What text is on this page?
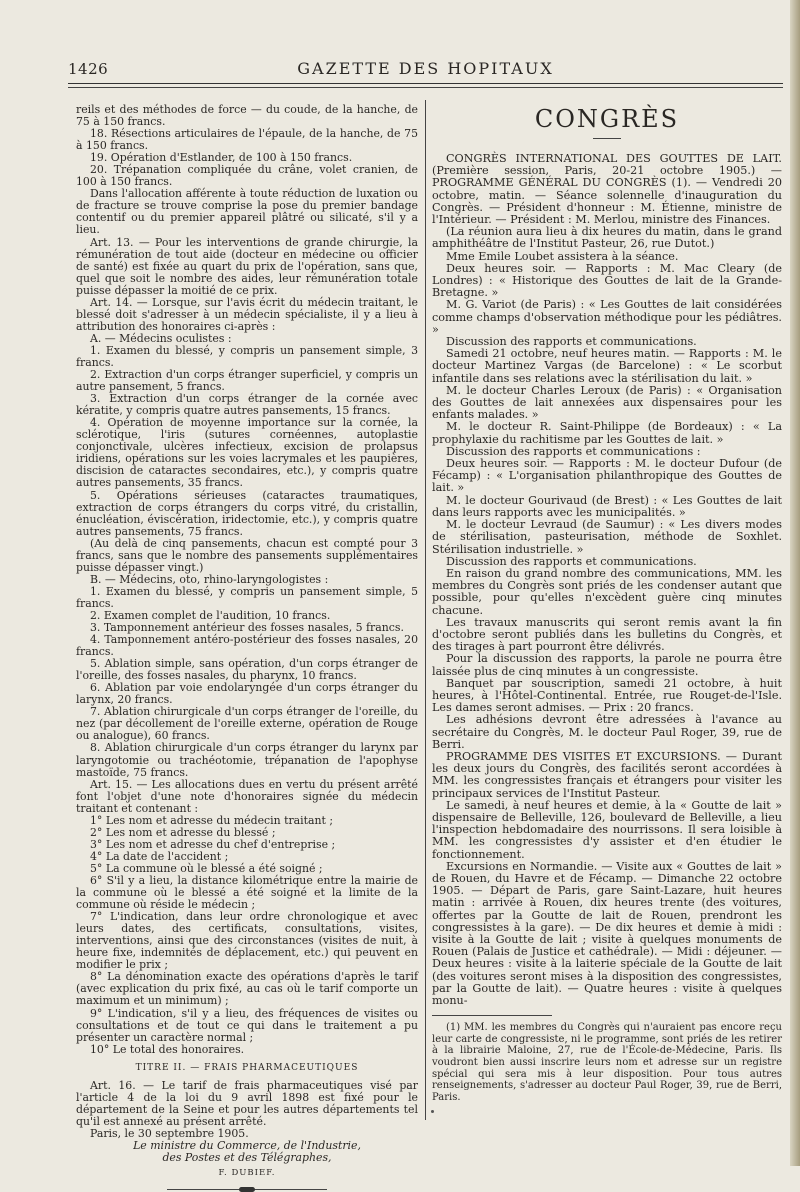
1426	GAZETTE DES HOPITAUX

reils et des méthodes de force — du coude, de la hanche, de 75 à 150 francs.

18. Résections articulaires de l'épaule, de la hanche, de 75 à 150 francs.

19. Opération d'Estlander, de 100 à 150 francs.

20. Trépanation compliquée du crâne, volet cranien, de 100 à 150 francs.

Dans l'allocation afférente à toute réduction de luxation ou de fracture se trouve comprise la pose du premier bandage contentif ou du premier appareil plâtré ou silicaté, s'il y a lieu.

Art. 13. — Pour les interventions de grande chirurgie, la rémunération de tout aide (docteur en médecine ou officier de santé) est fixée au quart du prix de l'opération, sans que, quel que soit le nombre des aides, leur rémunération totale puisse dépasser la moitié de ce prix.

Art. 14. — Lorsque, sur l'avis écrit du médecin traitant, le blessé doit s'adresser à un médecin spécialiste, il y a lieu à attribution des honoraires ci-après :

A. — Médecins oculistes :

1. Examen du blessé, y compris un pansement simple, 3 francs.

2. Extraction d'un corps étranger superficiel, y compris un autre pansement, 5 francs.

3. Extraction d'un corps étranger de la cornée avec kératite, y compris quatre autres pansements, 15 francs.

4. Opération de moyenne importance sur la cornée, la sclérotique, l'iris (sutures cornéennes, autoplastie conjonctivale, ulcères infectieux, excision de prolapsus iridiens, opérations sur les voies lacrymales et les paupières, discision de cataractes secondaires, etc.), y compris quatre autres pansements, 35 francs.

5. Opérations sérieuses (cataractes traumatiques, extraction de corps étrangers du corps vitré, du cristallin, énucléation, éviscération, iridectomie, etc.), y compris quatre autres pansements, 75 francs.

(Au delà de cinq pansements, chacun est compté pour 3 francs, sans que le nombre des pansements supplémentaires puisse dépasser vingt.)

B. — Médecins, oto, rhino-laryngologistes :

1. Examen du blessé, y compris un pansement simple, 5 francs.

2. Examen complet de l'audition, 10 francs.

3. Tamponnement antérieur des fosses nasales, 5 francs.

4. Tamponnement antéro-postérieur des fosses nasales, 20 francs.

5. Ablation simple, sans opération, d'un corps étranger de l'oreille, des fosses nasales, du pharynx, 10 francs.

6. Ablation par voie endolaryngée d'un corps étranger du larynx, 20 francs.

7. Ablation chirurgicale d'un corps étranger de l'oreille, du nez (par décollement de l'oreille externe, opération de Rouge ou analogue), 60 francs.

8. Ablation chirurgicale d'un corps étranger du larynx par laryngotomie ou trachéotomie, trépanation de l'apophyse mastoïde, 75 francs.

Art. 15. — Les allocations dues en vertu du présent arrêté font l'objet d'une note d'honoraires signée du médecin traitant et contenant :

1° Les nom et adresse du médecin traitant ;

2° Les nom et adresse du blessé ;

3° Les nom et adresse du chef d'entreprise ;

4° La date de l'accident ;

5° La commune où le blessé a été soigné ;

6° S'il y a lieu, la distance kilométrique entre la mairie de la commune où le blessé a été soigné et la limite de la commune où réside le médecin ;

7° L'indication, dans leur ordre chronologique et avec leurs dates, des certificats, consultations, visites, interventions, ainsi que des circonstances (visites de nuit, à heure fixe, indemnités de déplacement, etc.) qui peuvent en modifier le prix ;

8° La dénomination exacte des opérations d'après le tarif (avec explication du prix fixé, au cas où le tarif comporte un maximum et un minimum) ;

9° L'indication, s'il y a lieu, des fréquences de visites ou consultations et de tout ce qui dans le traitement a pu présenter un caractère normal ;

10° Le total des honoraires.

TITRE II. — FRAIS PHARMACEUTIQUES

Art. 16. — Le tarif de frais pharmaceutiques visé par l'article 4 de la loi du 9 avril 1898 est fixé pour le département de la Seine et pour les autres départements tel qu'il est annexé au présent arrêté.

Paris, le 30 septembre 1905.

Le ministre du Commerce, de l'Industrie,

des Postes et des Télégraphes,

F. DUBIEF.

CONGRÈS

CONGRÈS INTERNATIONAL DES GOUTTES DE LAIT. (Première session, Paris, 20-21 octobre 1905.) — PROGRAMME GÉNÉRAL DU CONGRÈS (1). — Vendredi 20 octobre, matin. — Séance solennelle d'inauguration du Congrès. — Président d'honneur : M. Étienne, ministre de l'Intérieur. — Président : M. Merlou, ministre des Finances.

(La réunion aura lieu à dix heures du matin, dans le grand amphithéâtre de l'Institut Pasteur, 26, rue Dutot.)

Mme Emile Loubet assistera à la séance.

Deux heures soir. — Rapports : M. Mac Cleary (de Londres) : « Historique des Gouttes de lait de la Grande-Bretagne. »

M. G. Variot (de Paris) : « Les Gouttes de lait considérées comme champs d'observation méthodique pour les pédiâtres. »

Discussion des rapports et communications.

Samedi 21 octobre, neuf heures matin. — Rapports : M. le docteur Martinez Vargas (de Barcelone) : « Le scorbut infantile dans ses relations avec la stérilisation du lait. »

M. le docteur Charles Leroux (de Paris) : « Organisation des Gouttes de lait annexées aux dispensaires pour les enfants malades. »

M. le docteur R. Saint-Philippe (de Bordeaux) : « La prophylaxie du rachitisme par les Gouttes de lait. »

Discussion des rapports et communications :

Deux heures soir. — Rapports : M. le docteur Dufour (de Fécamp) : « L'organisation philanthropique des Gouttes de lait. »

M. le docteur Gourivaud (de Brest) : « Les Gouttes de lait dans leurs rapports avec les municipalités. »

M. le docteur Levraud (de Saumur) : « Les divers modes de stérilisation, pasteurisation, méthode de Soxhlet. Stérilisation industrielle. »

Discussion des rapports et communications.

En raison du grand nombre des communications, MM. les membres du Congrès sont priés de les condenser autant que possible, pour qu'elles n'excèdent guère cinq minutes chacune.

Les travaux manuscrits qui seront remis avant la fin d'octobre seront publiés dans les bulletins du Congrès, et des tirages à part pourront être délivrés.

Pour la discussion des rapports, la parole ne pourra être laissée plus de cinq minutes à un congressiste.

Banquet par souscription, samedi 21 octobre, à huit heures, à l'Hôtel-Continental. Entrée, rue Rouget-de-l'Isle. Les dames seront admises. — Prix : 20 francs.

Les adhésions devront être adressées à l'avance au secrétaire du Congrès, M. le docteur Paul Roger, 39, rue de Berri.

PROGRAMME DES VISITES ET EXCURSIONS. — Durant les deux jours du Congrès, des facilités seront accordées à MM. les congressistes français et étrangers pour visiter les principaux services de l'Institut Pasteur.

Le samedi, à neuf heures et demie, à la « Goutte de lait » dispensaire de Belleville, 126, boulevard de Belleville, a lieu l'inspection hebdomadaire des nourrissons. Il sera loisible à MM. les congressistes d'y assister et d'en étudier le fonctionnement.

Excursions en Normandie. — Visite aux « Gouttes de lait » de Rouen, du Havre et de Fécamp. — Dimanche 22 octobre 1905. — Départ de Paris, gare Saint-Lazare, huit heures matin : arrivée à Rouen, dix heures trente (des voitures, offertes par la Goutte de lait de Rouen, prendront les congressistes à la gare). — De dix heures et demie à midi : visite à la Goutte de lait ; visite à quelques monuments de Rouen (Palais de Justice et cathédrale). — Midi : déjeuner. — Deux heures : visite à la laiterie spéciale de la Goutte de lait (des voitures seront mises à la disposition des congressistes, par la Goutte de lait). — Quatre heures : visite à quelques monu-

(1) MM. les membres du Congrès qui n'auraient pas encore reçu leur carte de congressiste, ni le programme, sont priés de les retirer à la librairie Maloine, 27, rue de l'École-de-Médecine, Paris. Ils voudront bien aussi inscrire leurs nom et adresse sur un registre spécial qui sera mis à leur disposition. Pour tous autres renseignements, s'adresser au docteur Paul Roger, 39, rue de Berri, Paris.
